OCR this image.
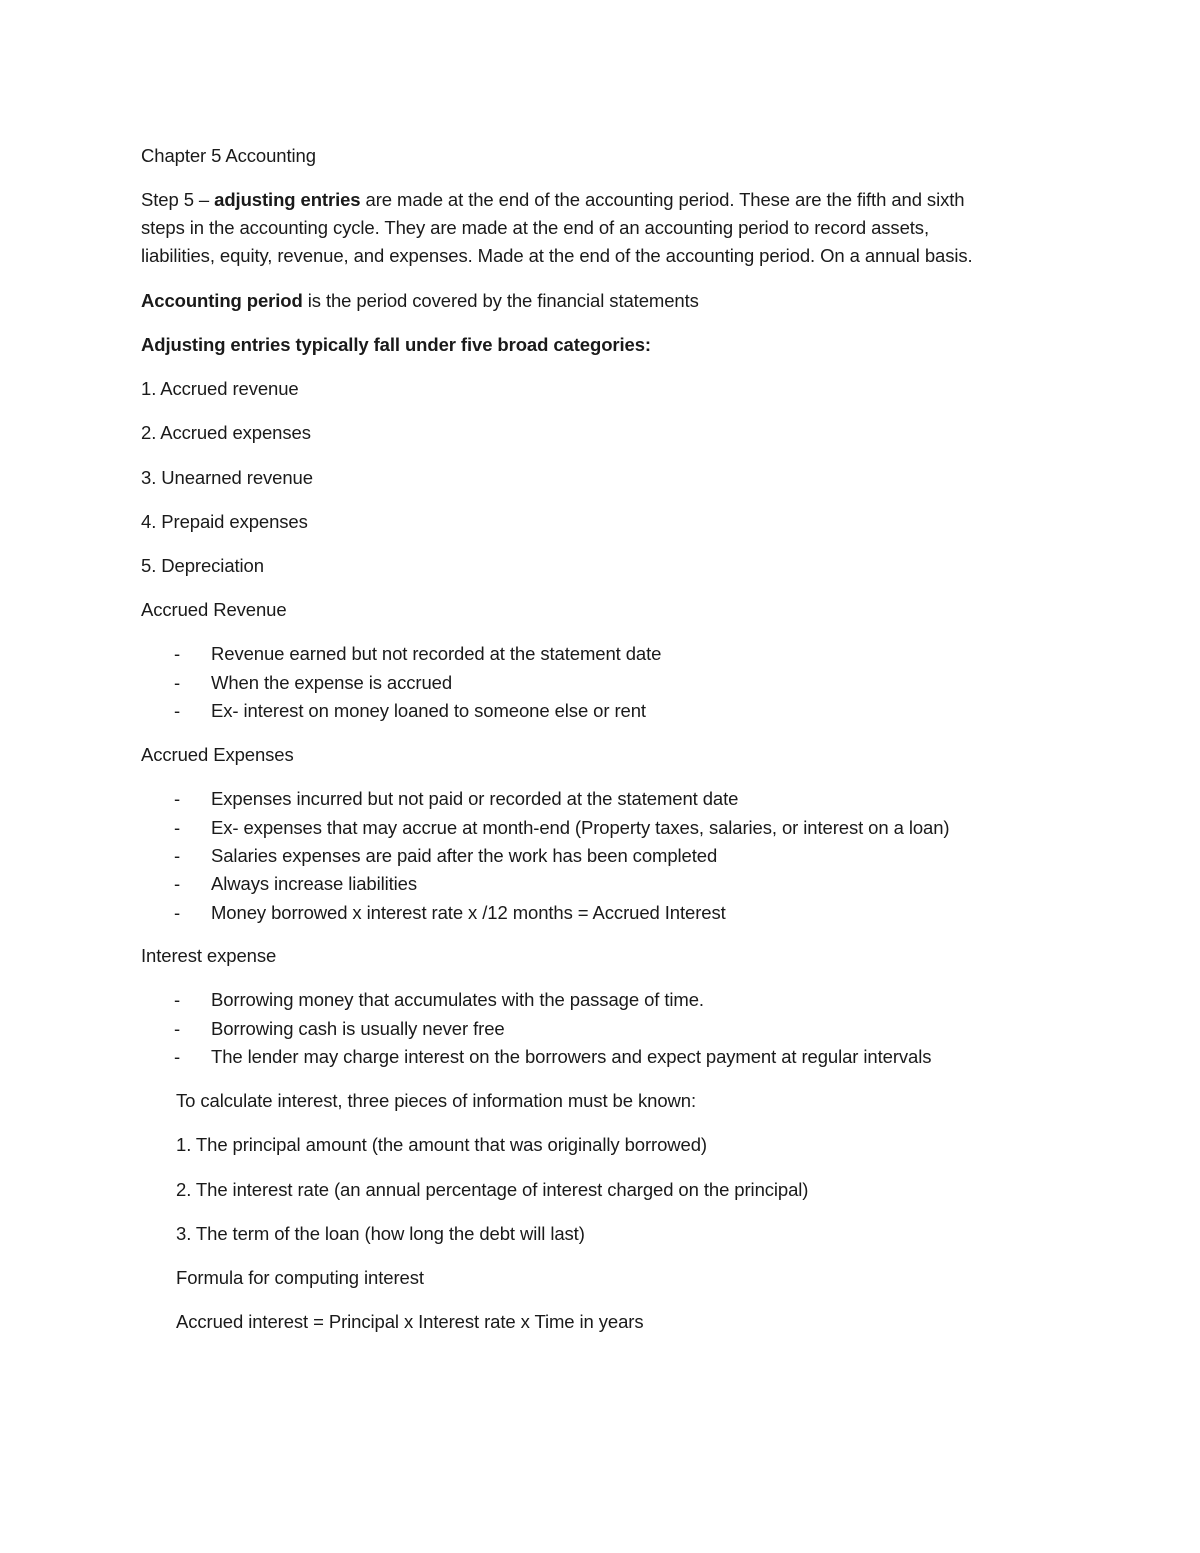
Chapter 5 Accounting
Step 5 – adjusting entries are made at the end of the accounting period. These are the fifth and sixth
steps in the accounting cycle. They are made at the end of an accounting period to record assets,
liabilities, equity, revenue, and expenses. Made at the end of the accounting period. On a annual basis.
Accounting period is the period covered by the financial statements
Adjusting entries typically fall under five broad categories:
1. Accrued revenue
2. Accrued expenses
3. Unearned revenue
4. Prepaid expenses
5. Depreciation
Accrued Revenue
- Revenue earned but not recorded at the statement date
- When the expense is accrued
- Ex- interest on money loaned to someone else or rent
Accrued Expenses
- Expenses incurred but not paid or recorded at the statement date
- Ex- expenses that may accrue at month-end (Property taxes, salaries, or interest on a loan)
- Salaries expenses are paid after the work has been completed
- Always increase liabilities
- Money borrowed x interest rate x /12 months = Accrued Interest
Interest expense
- Borrowing money that accumulates with the passage of time.
- Borrowing cash is usually never free
- The lender may charge interest on the borrowers and expect payment at regular intervals
To calculate interest, three pieces of information must be known:
1. The principal amount (the amount that was originally borrowed)
2. The interest rate (an annual percentage of interest charged on the principal)
3. The term of the loan (how long the debt will last)
Formula for computing interest
Accrued interest = Principal x Interest rate x Time in years
